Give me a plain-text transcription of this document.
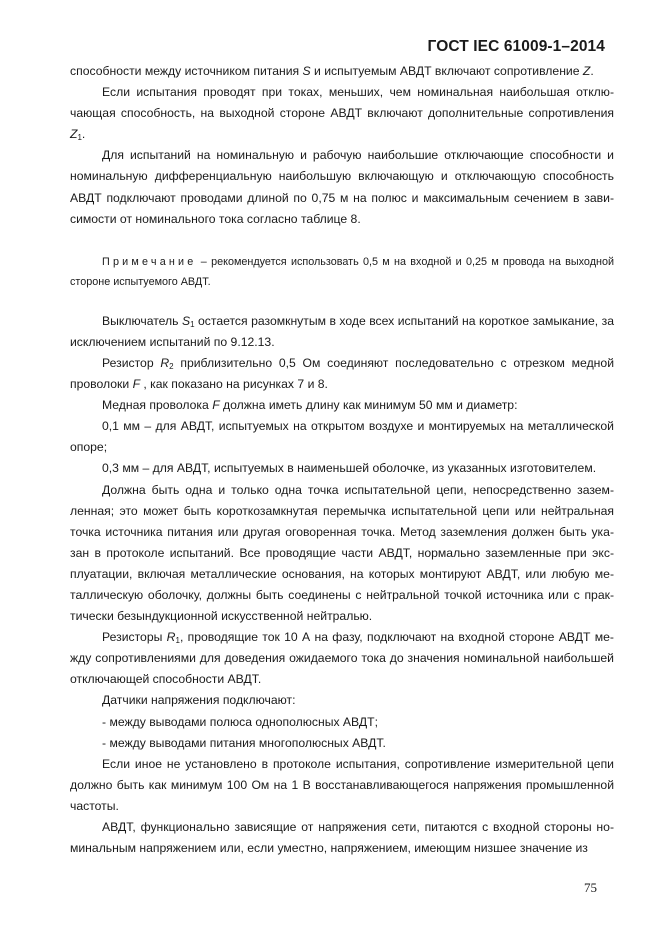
ГОСТ IEC 61009-1–2014

способности между источником питания S и испытуемым АВДТ включают сопротивление Z.

Если испытания проводят при токах, меньших, чем номинальная наибольшая отключающая способность, на выходной стороне АВДТ включают дополнительные сопротивления $Z_1$.

Для испытаний на номинальную и рабочую наибольшие отключающие способности и номинальную дифференциальную наибольшую включающую и отключающую способность АВДТ подключают проводами длиной по 0,75 м на полюс и максимальным сечением в зависимости от номинального тока согласно таблице 8.

Примечание – рекомендуется использовать 0,5 м на входной и 0,25 м провода на выходной стороне испытуемого АВДТ.

Выключатель $S_1$ остается разомкнутым в ходе всех испытаний на короткое замыкание, за исключением испытаний по 9.12.13.

Резистор $R_2$ приблизительно 0,5 Ом соединяют последовательно с отрезком медной проволоки F , как показано на рисунках 7 и 8.

Медная проволока F должна иметь длину как минимум 50 мм и диаметр:

0,1 мм – для АВДТ, испытуемых на открытом воздухе и монтируемых на металлической опоре;

0,3 мм – для АВДТ, испытуемых в наименьшей оболочке, из указанных изготовителем.

Должна быть одна и только одна точка испытательной цепи, непосредственно заземленная; это может быть короткозамкнутая перемычка испытательной цепи или нейтральная точка источника питания или другая оговоренная точка. Метод заземления должен быть указан в протоколе испытаний. Все проводящие части АВДТ, нормально заземленные при эксплуатации, включая металлические основания, на которых монтируют АВДТ, или любую металлическую оболочку, должны быть соединены с нейтральной точкой источника или с практически безындукционной искусственной нейтралью.

Резисторы $R_1$, проводящие ток 10 А на фазу, подключают на входной стороне АВДТ между сопротивлениями для доведения ожидаемого тока до значения номинальной наибольшей отключающей способности АВДТ.

Датчики напряжения подключают:

- между выводами полюса однополюсных АВДТ;

- между выводами питания многополюсных АВДТ.

Если иное не установлено в протоколе испытания, сопротивление измерительной цепи должно быть как минимум 100 Ом на 1 В восстанавливающегося напряжения промышленной частоты.

АВДТ, функционально зависящие от напряжения сети, питаются с входной стороны номинальным напряжением или, если уместно, напряжением, имеющим низшее значение из

75
